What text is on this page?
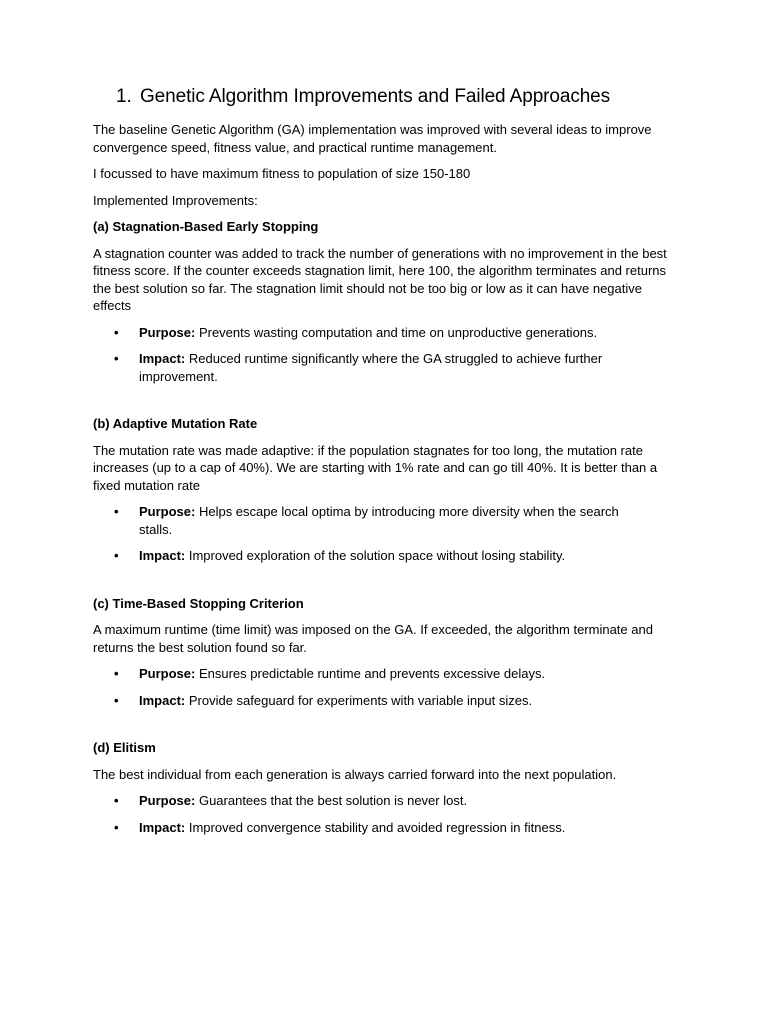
1. Genetic Algorithm Improvements and Failed Approaches

The baseline Genetic Algorithm (GA) implementation was improved with several ideas to improve convergence speed, fitness value, and practical runtime management.

I focussed to have maximum fitness to population of size 150-180

Implemented Improvements:

(a) Stagnation-Based Early Stopping

A stagnation counter was added to track the number of generations with no improvement in the best fitness score. If the counter exceeds stagnation limit, here 100, the algorithm terminates and returns the best solution so far. The stagnation limit should not be too big or low as it can have negative effects

• Purpose: Prevents wasting computation and time on unproductive generations.
• Impact: Reduced runtime significantly where the GA struggled to achieve further improvement.

(b) Adaptive Mutation Rate

The mutation rate was made adaptive: if the population stagnates for too long, the mutation rate increases (up to a cap of 40%). We are starting with 1% rate and can go till 40%. It is better than a fixed mutation rate

• Purpose: Helps escape local optima by introducing more diversity when the search stalls.
• Impact: Improved exploration of the solution space without losing stability.

(c) Time-Based Stopping Criterion

A maximum runtime (time limit) was imposed on the GA. If exceeded, the algorithm terminate and returns the best solution found so far.

• Purpose: Ensures predictable runtime and prevents excessive delays.
• Impact: Provide safeguard for experiments with variable input sizes.

(d) Elitism

The best individual from each generation is always carried forward into the next population.

• Purpose: Guarantees that the best solution is never lost.
• Impact: Improved convergence stability and avoided regression in fitness.
